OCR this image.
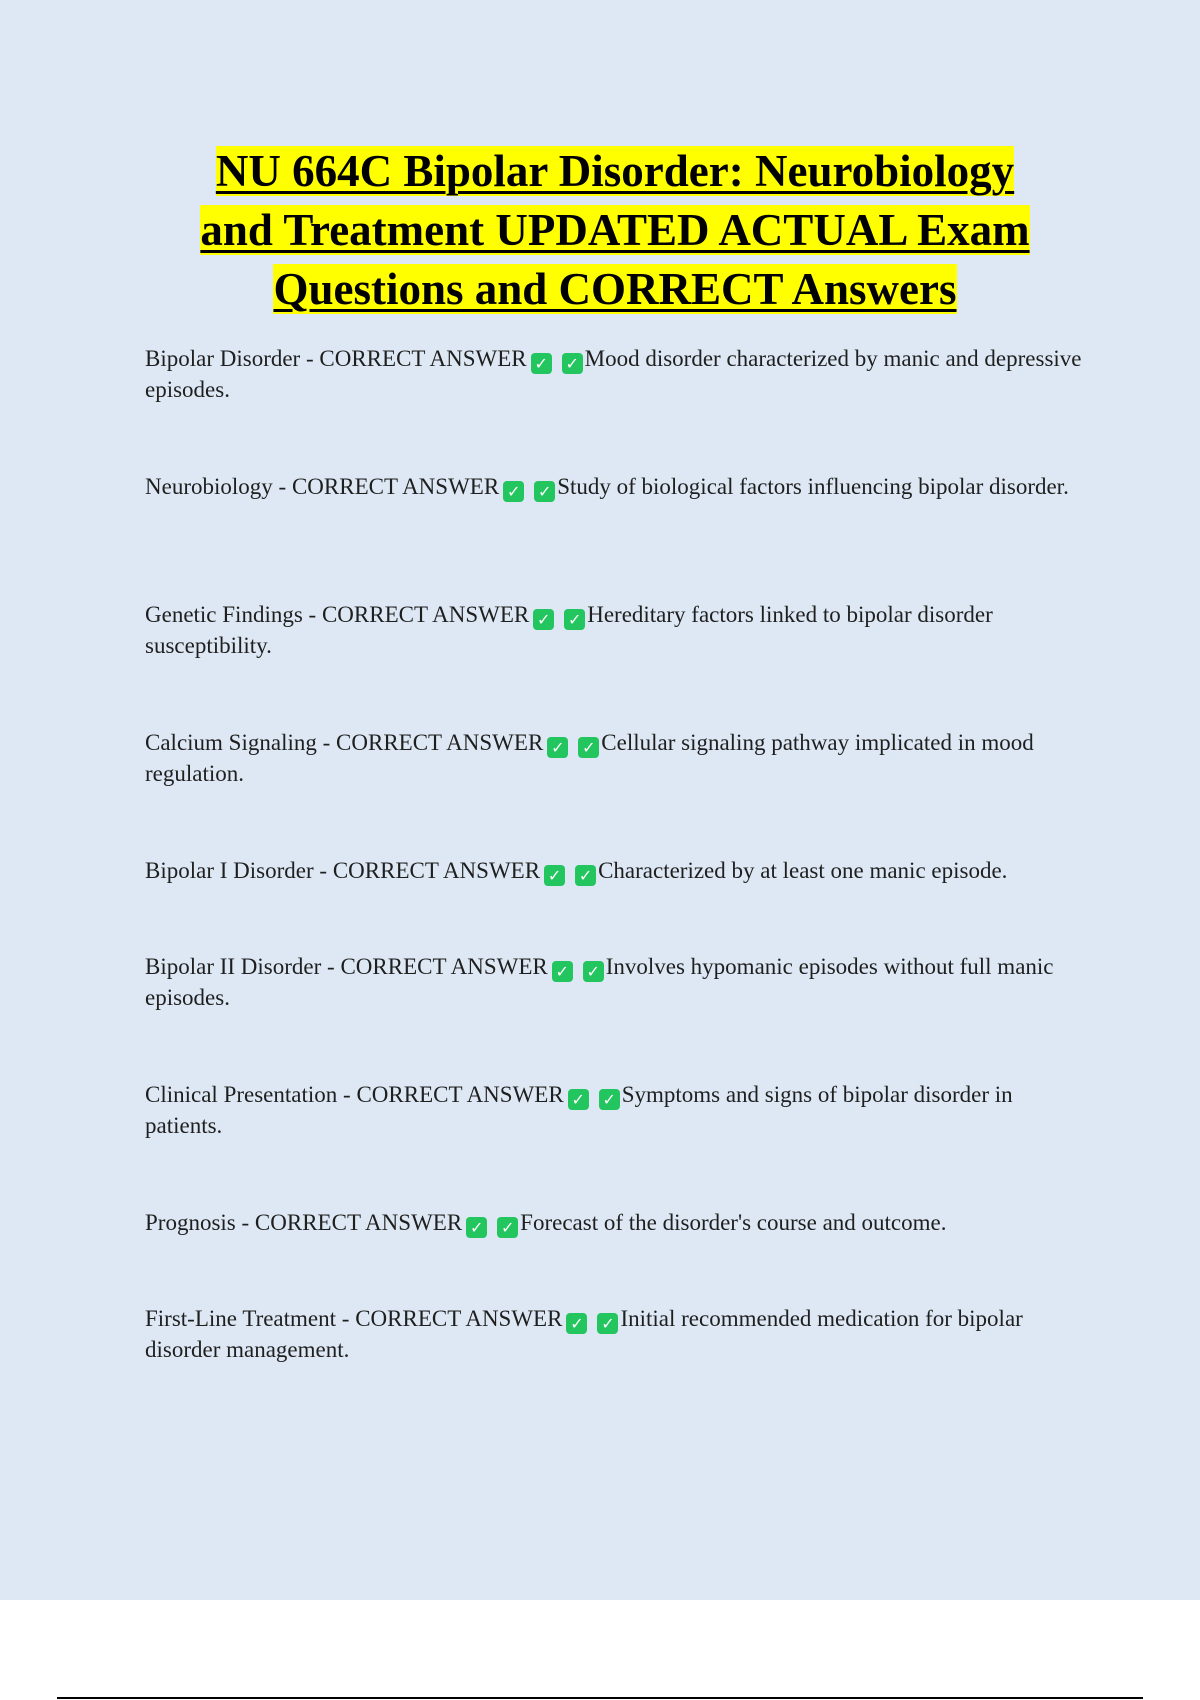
NU 664C Bipolar Disorder: Neurobiology
and Treatment UPDATED ACTUAL Exam
Questions and CORRECT Answers

Bipolar Disorder - CORRECT ANSWER ✓ ✓ Mood disorder characterized by manic and depressive episodes.
Neurobiology - CORRECT ANSWER ✓ ✓ Study of biological factors influencing bipolar disorder.
Genetic Findings - CORRECT ANSWER ✓ ✓ Hereditary factors linked to bipolar disorder susceptibility.
Calcium Signaling - CORRECT ANSWER ✓ ✓ Cellular signaling pathway implicated in mood regulation.
Bipolar I Disorder - CORRECT ANSWER ✓ ✓ Characterized by at least one manic episode.
Bipolar II Disorder - CORRECT ANSWER ✓ ✓ Involves hypomanic episodes without full manic episodes.
Clinical Presentation - CORRECT ANSWER ✓ ✓ Symptoms and signs of bipolar disorder in patients.
Prognosis - CORRECT ANSWER ✓ ✓ Forecast of the disorder's course and outcome.
First-Line Treatment - CORRECT ANSWER ✓ ✓ Initial recommended medication for bipolar disorder management.
